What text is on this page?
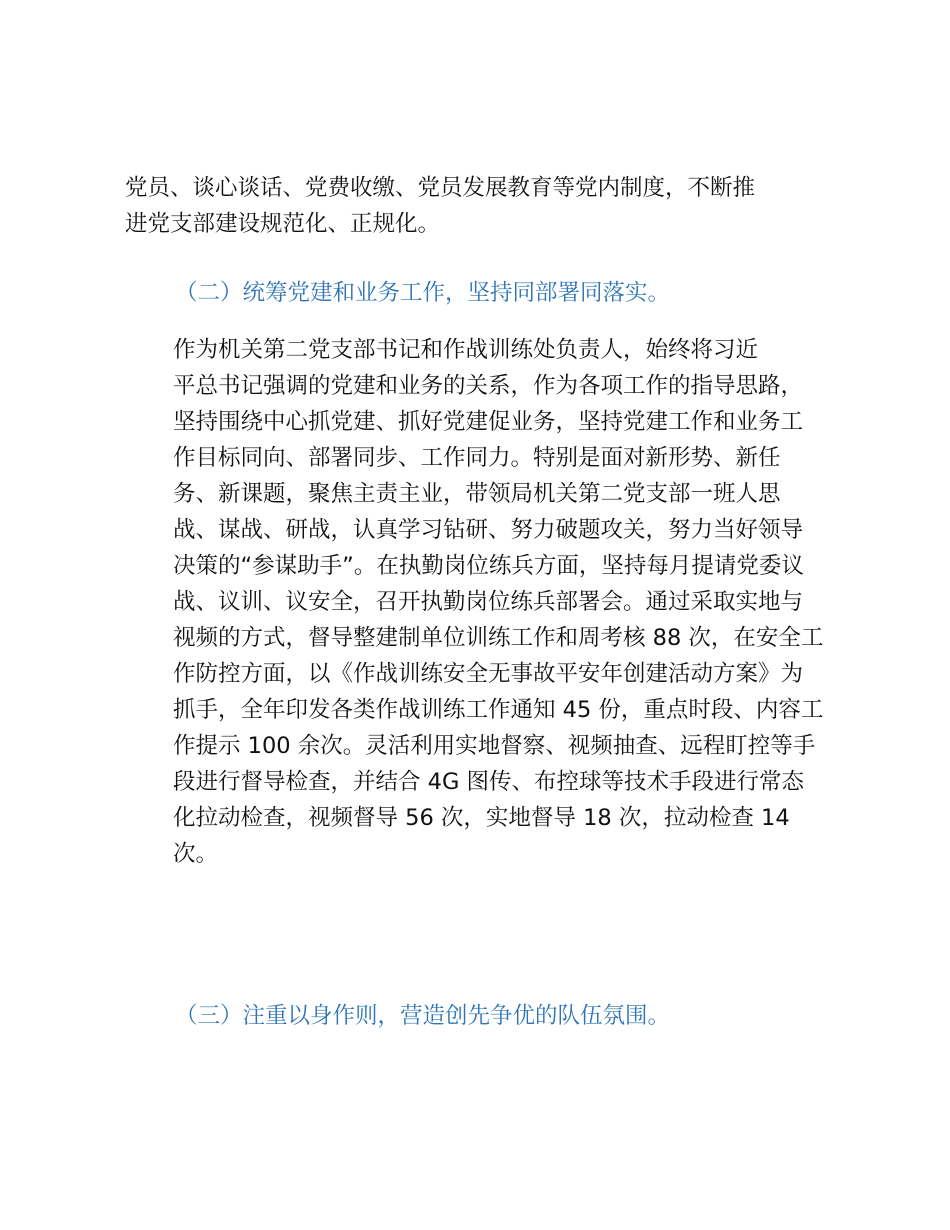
党员、谈心谈话、党费收缴、党员发展教育等党内制度，不断推
进党支部建设规范化、正规化。
（二）统筹党建和业务工作，坚持同部署同落实。
作为机关第二党支部书记和作战训练处负责人，始终将习近
平总书记强调的党建和业务的关系，作为各项工作的指导思路，
坚持围绕中心抓党建、抓好党建促业务，坚持党建工作和业务工
作目标同向、部署同步、工作同力。特别是面对新形势、新任
务、新课题，聚焦主责主业，带领局机关第二党支部一班人思
战、谋战、研战，认真学习钻研、努力破题攻关，努力当好领导
决策的“参谋助手”。在执勤岗位练兵方面，坚持每月提请党委议
战、议训、议安全，召开执勤岗位练兵部署会。通过采取实地与
视频的方式，督导整建制单位训练工作和周考核 88 次，在安全工
作防控方面，以《作战训练安全无事故平安年创建活动方案》为
抓手，全年印发各类作战训练工作通知 45 份，重点时段、内容工
作提示 100 余次。灵活利用实地督察、视频抽查、远程盯控等手
段进行督导检查，并结合 4G 图传、布控球等技术手段进行常态
化拉动检查，视频督导 56 次，实地督导 18 次，拉动检查 14
次。
（三）注重以身作则，营造创先争优的队伍氛围。
